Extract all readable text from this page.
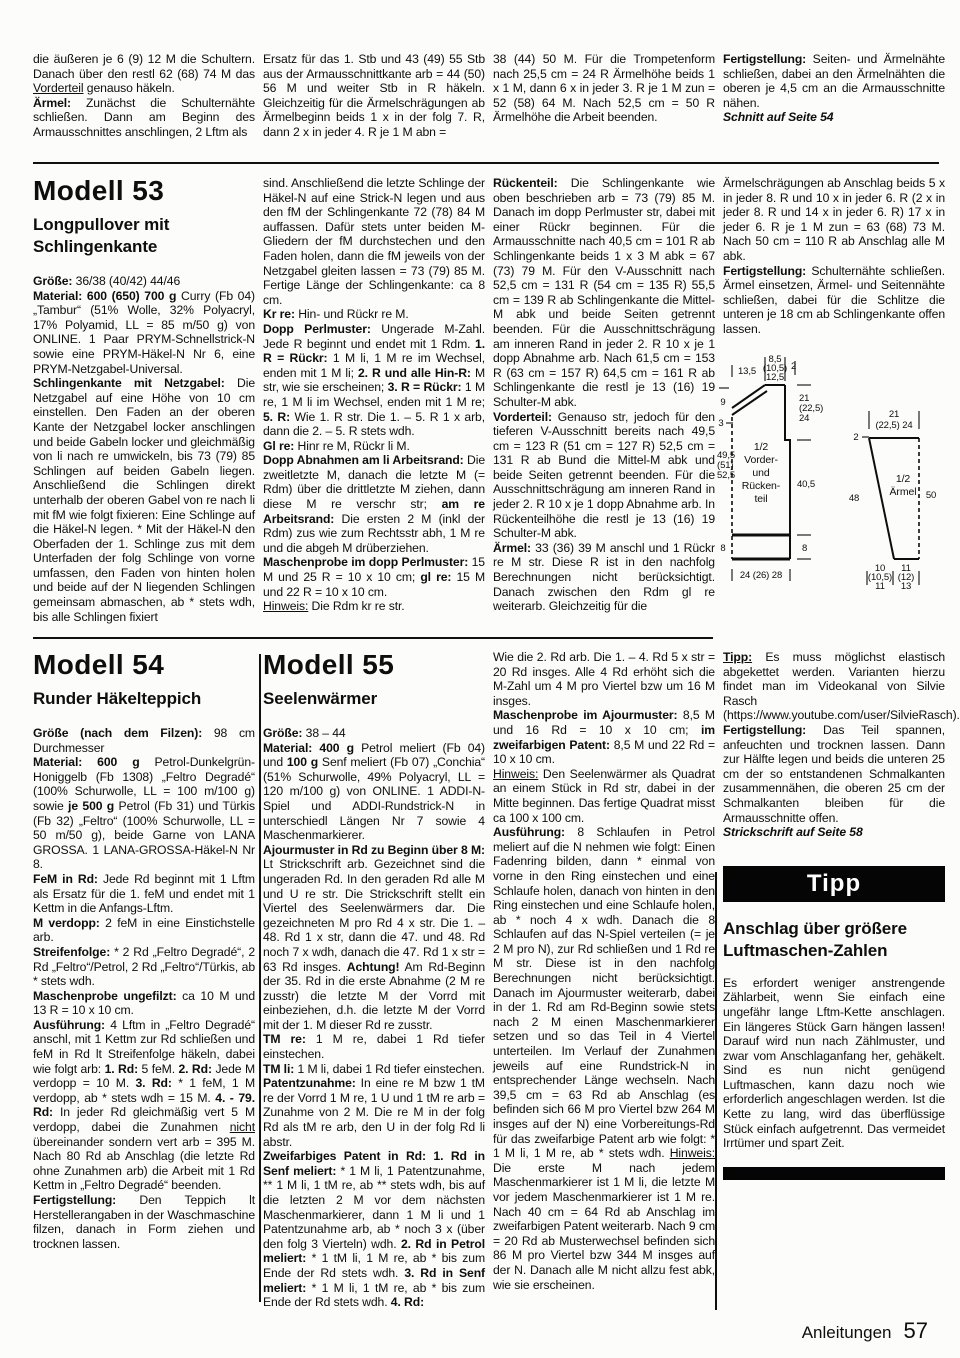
die äußeren je 6 (9) 12 M die Schultern. Danach über den restl 62 (68) 74 M das Vorderteil genauso häkeln.

Ärmel: Zunächst die Schulternähte schließen. Dann am Beginn des Armausschnittes anschlingen, 2 Lftm als

Ersatz für das 1. Stb und 43 (49) 55 Stb aus der Armausschnittkante arb = 44 (50) 56 M und weiter Stb in R häkeln. Gleichzeitig für die Ärmelschrägungen ab Ärmelbeginn beids 1 x in der folg 7. R, dann 2 x in jeder 4. R je 1 M abn =

38 (44) 50 M. Für die Trompetenform nach 25,5 cm = 24 R Ärmelhöhe beids 1 x 1 M, dann 6 x in jeder 3. R je 1 M zun = 52 (58) 64 M. Nach 52,5 cm = 50 R Ärmelhöhe die Arbeit beenden.

Fertigstellung: Seiten- und Ärmelnähte schließen, dabei an den Ärmelnähten die oberen je 4,5 cm an die Armausschnitte nähen.

Schnitt auf Seite 54

Modell 53
Longpullover mit Schlingenkante

Größe: 36/38 (40/42) 44/46

Material: 600 (650) 700 g Curry (Fb 04) „Tambur“ (51% Wolle, 32% Polyacryl, 17% Polyamid, LL = 85 m/50 g) von ONLINE. 1 Paar PRYM-Schnellstrick-N sowie eine PRYM-Häkel-N Nr 6, eine PRYM-Netzgabel-Universal.

Schlingenkante mit Netzgabel: Die Netzgabel auf eine Höhe von 10 cm einstellen. Den Faden an der oberen Kante der Netzgabel locker anschlingen und beide Gabeln locker und gleichmäßig von li nach re umwickeln, bis 73 (79) 85 Schlingen auf beiden Gabeln liegen. Anschließend die Schlingen direkt unterhalb der oberen Gabel von re nach li mit fM wie folgt fixieren: Eine Schlinge auf die Häkel-N legen. * Mit der Häkel-N den Oberfaden der 1. Schlinge zus mit dem Unterfaden der folg Schlinge von vorne umfassen, den Faden von hinten holen und beide auf der N liegenden Schlingen gemeinsam abmaschen, ab * stets wdh, bis alle Schlingen fixiert

sind. Anschließend die letzte Schlinge der Häkel-N auf eine Strick-N legen und aus den fM der Schlingenkante 72 (78) 84 M auffassen. Dafür stets unter beiden M-Gliedern der fM durchstechen und den Faden holen, dann die fM jeweils von der Netzgabel gleiten lassen = 73 (79) 85 M. Fertige Länge der Schlingenkante: ca 8 cm.

Kr re: Hin- und Rückr re M.

Dopp Perlmuster: Ungerade M-Zahl. Jede R beginnt und endet mit 1 Rdm. 1. R = Rückr: 1 M li, 1 M re im Wechsel, enden mit 1 M li; 2. R und alle Hin-R: M str, wie sie erscheinen; 3. R = Rückr: 1 M re, 1 M li im Wechsel, enden mit 1 M re; 5. R: Wie 1. R str. Die 1. – 5. R 1 x arb, dann die 2. – 5. R stets wdh.

Gl re: Hinr re M, Rückr li M.

Dopp Abnahmen am li Arbeitsrand: Die zweitletzte M, danach die letzte M (= Rdm) über die drittletzte M ziehen, dann diese M re verschr str; am re Arbeitsrand: Die ersten 2 M (inkl der Rdm) zus wie zum Rechtsstr abh, 1 M re und die abgeh M drüberziehen.

Maschenprobe im dopp Perlmuster: 15 M und 25 R = 10 x 10 cm; gl re: 15 M und 22 R = 10 x 10 cm.

Hinweis: Die Rdm kr re str.

Rückenteil: Die Schlingenkante wie oben beschrieben arb = 73 (79) 85 M. Danach im dopp Perlmuster str, dabei mit einer Rückr beginnen. Für die Armausschnitte nach 40,5 cm = 101 R ab Schlingenkante beids 1 x 3 M abk = 67 (73) 79 M. Für den V-Ausschnitt nach 52,5 cm = 131 R (54 cm = 135 R) 55,5 cm = 139 R ab Schlingenkante die Mittel-M abk und beide Seiten getrennt beenden. Für die Ausschnittschrägung am inneren Rand in jeder 2. R 10 x je 1 dopp Abnahme arb. Nach 61,5 cm = 153 R (63 cm = 157 R) 64,5 cm = 161 R ab Schlingenkante die restl je 13 (16) 19 Schulter-M abk.

Vorderteil: Genauso str, jedoch für den tieferen V-Ausschnitt bereits nach 49,5 cm = 123 R (51 cm = 127 R) 52,5 cm = 131 R ab Bund die Mittel-M abk und beide Seiten getrennt beenden. Für die Ausschnittschrägung am inneren Rand in jeder 2. R 10 x je 1 dopp Abnahme arb. In Rückenteilhöhe die restl je 13 (16) 19 Schulter-M abk.

Ärmel: 33 (36) 39 M anschl und 1 Rückr re M str. Diese R ist in den nachfolg Berechnungen nicht berücksichtigt. Danach zwischen den Rdm gl re weiterarb. Gleichzeitig für die

Ärmelschrägungen ab Anschlag beids 5 x in jeder 8. R und 10 x in jeder 6. R (2 x in jeder 8. R und 14 x in jeder 6. R) 17 x in jeder 6. R je 1 M zun = 63 (68) 73 M. Nach 50 cm = 110 R ab Anschlag alle M abk.

Fertigstellung: Schulternähte schließen. Ärmel einsetzen, Ärmel- und Seitennähte schließen, dabei für die Schlitze die unteren je 18 cm ab Schlingenkante offen lassen.

13,5
8,5
(10,5)
12,5
2
9
3
49,5
(51)
52,5
8
21
(22,5)
24
40,5
8
24 (26) 28
1/2
Vorder-
und
Rücken-
teil
21
(22,5) 24
2
48	50
10
(10,5)
11
11
(12)
13
1/2
Ärmel
Modell 54
Runder Häkelteppich

Größe (nach dem Filzen): 98 cm Durchmesser

Material: 600 g Petrol-Dunkelgrün-Honiggelb (Fb 1308) „Feltro Degradé“ (100% Schurwolle, LL = 100 m/100 g) sowie je 500 g Petrol (Fb 31) und Türkis (Fb 32) „Feltro“ (100% Schurwolle, LL = 50 m/50 g), beide Garne von LANA GROSSA. 1 LANA-GROSSA-Häkel-N Nr 8.

FeM in Rd: Jede Rd beginnt mit 1 Lftm als Ersatz für die 1. feM und endet mit 1 Kettm in die Anfangs-Lftm.

M verdopp: 2 feM in eine Einstichstelle arb.

Streifenfolge: * 2 Rd „Feltro Degradé“, 2 Rd „Feltro“/Petrol, 2 Rd „Feltro“/Türkis, ab * stets wdh.

Maschenprobe ungefilzt: ca 10 M und 13 R = 10 x 10 cm.

Ausführung: 4 Lftm in „Feltro Degradé“ anschl, mit 1 Kettm zur Rd schließen und feM in Rd lt Streifenfolge häkeln, dabei wie folgt arb: 1. Rd: 5 feM. 2. Rd: Jede M verdopp = 10 M. 3. Rd: * 1 feM, 1 M verdopp, ab * stets wdh = 15 M. 4. - 79. Rd: In jeder Rd gleichmäßig vert 5 M verdopp, dabei die Zunahmen nicht übereinander sondern vert arb = 395 M. Nach 80 Rd ab Anschlag (die letzte Rd ohne Zunahmen arb) die Arbeit mit 1 Rd Kettm in „Feltro Degradé“ beenden.

Fertigstellung: Den Teppich lt Herstellerangaben in der Waschmaschine filzen, danach in Form ziehen und trocknen lassen.

Modell 55
Seelenwärmer

Größe: 38 – 44

Material: 400 g Petrol meliert (Fb 04) und 100 g Senf meliert (Fb 07) „Conchia“ (51% Schurwolle, 49% Polyacryl, LL = 120 m/100 g) von ONLINE. 1 ADDI-N-Spiel und ADDI-Rundstrick-N in unterschiedl Längen Nr 7 sowie 4 Maschenmarkierer.

Ajourmuster in Rd zu Beginn über 8 M: Lt Strickschrift arb. Gezeichnet sind die ungeraden Rd. In den geraden Rd alle M und U re str. Die Strickschrift stellt ein Viertel des Seelenwärmers dar. Die gezeichneten M pro Rd 4 x str. Die 1. – 48. Rd 1 x str, dann die 47. und 48. Rd noch 7 x wdh, danach die 47. Rd 1 x str = 63 Rd insges. Achtung! Am Rd-Beginn der 35. Rd in die erste Abnahme (2 M re zusstr) die letzte M der Vorrd mit einbeziehen, d.h. die letzte M der Vorrd mit der 1. M dieser Rd re zusstr.

TM re: 1 M re, dabei 1 Rd tiefer einstechen.

TM li: 1 M li, dabei 1 Rd tiefer einstechen.

Patentzunahme: In eine re M bzw 1 tM re der Vorrd 1 M re, 1 U und 1 tM re arb = Zunahme von 2 M. Die re M in der folg Rd als tM re arb, den U in der folg Rd li abstr.

Zweifarbiges Patent in Rd: 1. Rd in Senf meliert: * 1 M li, 1 Patentzunahme, ** 1 M li, 1 tM re, ab ** stets wdh, bis auf die letzten 2 M vor dem nächsten Maschenmarkierer, dann 1 M li und 1 Patentzunahme arb, ab * noch 3 x (über den folg 3 Vierteln) wdh. 2. Rd in Petrol meliert: * 1 tM li, 1 M re, ab * bis zum Ende der Rd stets wdh. 3. Rd in Senf meliert: * 1 M li, 1 tM re, ab * bis zum Ende der Rd stets wdh. 4. Rd:

Wie die 2. Rd arb. Die 1. – 4. Rd 5 x str = 20 Rd insges. Alle 4 Rd erhöht sich die M-Zahl um 4 M pro Viertel bzw um 16 M insges.

Maschenprobe im Ajourmuster: 8,5 M und 16 Rd = 10 x 10 cm; im zweifarbigen Patent: 8,5 M und 22 Rd = 10 x 10 cm.

Hinweis: Den Seelenwärmer als Quadrat an einem Stück in Rd str, dabei in der Mitte beginnen. Das fertige Quadrat misst ca 100 x 100 cm.

Ausführung: 8 Schlaufen in Petrol meliert auf die N nehmen wie folgt: Einen Fadenring bilden, dann * einmal von vorne in den Ring einstechen und eine Schlaufe holen, danach von hinten in den Ring einstechen und eine Schlaufe holen, ab * noch 4 x wdh. Danach die 8 Schlaufen auf das N-Spiel verteilen (= je 2 M pro N), zur Rd schließen und 1 Rd re M str. Diese ist in den nachfolg Berechnungen nicht berücksichtigt. Danach im Ajourmuster weiterarb, dabei in der 1. Rd am Rd-Beginn sowie stets nach 2 M einen Maschenmarkierer setzen und so das Teil in 4 Viertel unterteilen. Im Verlauf der Zunahmen jeweils auf eine Rundstrick-N in entsprechender Länge wechseln. Nach 39,5 cm = 63 Rd ab Anschlag (es befinden sich 66 M pro Viertel bzw 264 M insges auf der N) eine Vorbereitungs-Rd für das zweifarbige Patent arb wie folgt: * 1 M li, 1 M re, ab * stets wdh. Hinweis: Die erste M nach jedem Maschenmarkierer ist 1 M li, die letzte M vor jedem Maschenmarkierer ist 1 M re. Nach 40 cm = 64 Rd ab Anschlag im zweifarbigen Patent weiterarb. Nach 9 cm = 20 Rd ab Musterwechsel befinden sich 86 M pro Viertel bzw 344 M insges auf der N. Danach alle M nicht allzu fest abk, wie sie erscheinen.

Tipp: Es muss möglichst elastisch abgekettet werden. Varianten hierzu findet man im Videokanal von Silvie Rasch (https://www.youtube.com/user/SilvieRasch).

Fertigstellung: Das Teil spannen, anfeuchten und trocknen lassen. Dann zur Hälfte legen und beids die unteren 25 cm der so entstandenen Schmalkanten zusammennähen, die oberen 25 cm der Schmalkanten bleiben für die Armausschnitte offen.

Strickschrift auf Seite 58

Tipp
Anschlag über größere Luftmaschen-Zahlen

Es erfordert weniger anstrengende Zählarbeit, wenn Sie einfach eine ungefähr lange Lftm-Kette anschlagen. Ein längeres Stück Garn hängen lassen! Darauf wird nun nach Zählmuster, und zwar vom Anschlaganfang her, gehäkelt. Sind es nun nicht genügend Luftmaschen, kann dazu noch wie erforderlich angeschlagen werden. Ist die Kette zu lang, wird das überflüssige Stück einfach aufgetrennt. Das vermeidet Irrtümer und spart Zeit.

Anleitungen 57
